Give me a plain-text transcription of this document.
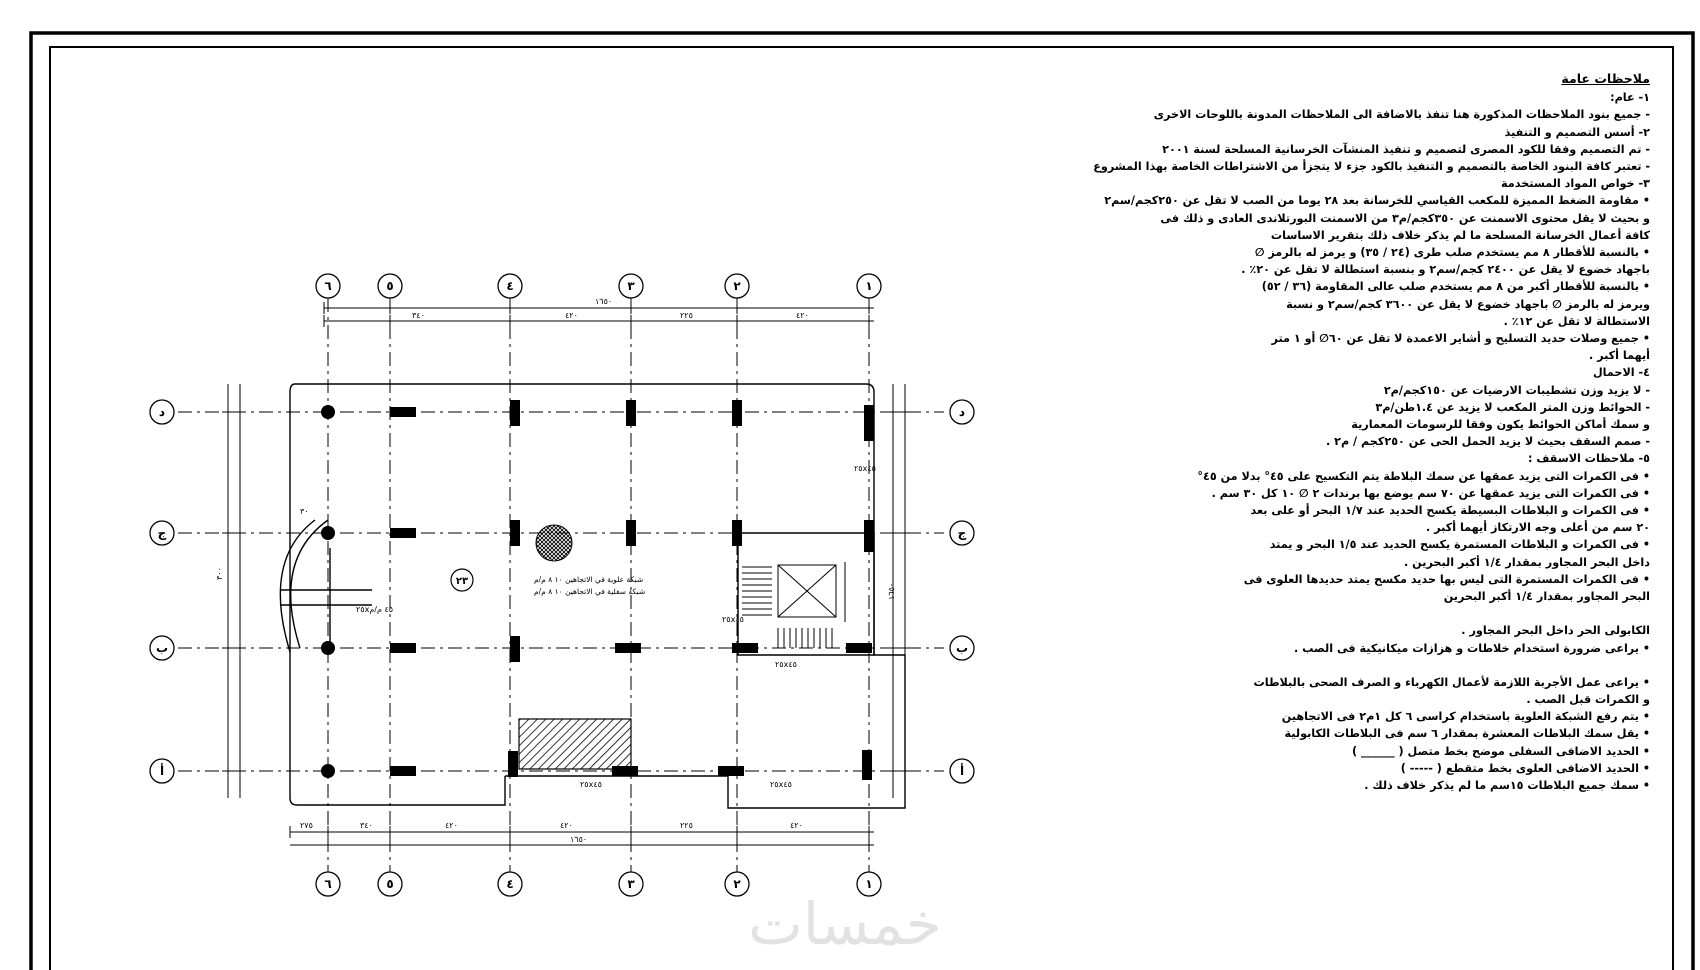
١٦٥٠
٣٤٠	٤٢٠	٢٢٥	٤٢٠
١٦٥٠
٢٧٥	٣٤٠	٤٢٠	٤٢٠	٢٢٥	٤٢٠
٢٥x٤٥
٢٥x٤٥	٢٥x٤٥
٢٥x٤٥
٢٥x٤٥
٢٥x٤٥ م/م
٦	٥	٤	٣	٢	١
٦	٥	٤	٣	٢	١
د
ج
ب
أ
د
ج
ب
أ
٢٣	شبكة علوية في الاتجاهين ١٠ ٨ م/م
شبكة سفلية في الاتجاهين ١٠ ٨ م/م
٣٠
٣٠٠
١٦٥٠
ملاحظات عامة
١- عام:
- جميع بنود الملاحظات المذكورة هنا تنفذ بالاضافة الى الملاحظات المدونة باللوحات الاخرى
٢- أسس التصميم و التنفيذ
- تم التصميم وفقا للكود المصرى لتصميم و تنفيذ المنشآت الخرسانية المسلحة لسنة ٢٠٠١
- تعتبر كافة البنود الخاصة بالتصميم و التنفيذ بالكود جزء لا يتجزأ من الاشتراطات الخاصة بهذا المشروع
٣- خواص المواد المستخدمة
• مقاومة الضغط المميزة للمكعب القياسي للخرسانة بعد ٢٨ يوما من الصب لا تقل عن ٢٥٠كجم/سم٢
و بحيث لا يقل محتوى الاسمنت عن ٣٥٠كجم/م٣ من الاسمنت البورتلاندى العادى و ذلك فى
كافة أعمال الخرسانة المسلحة ما لم يذكر خلاف ذلك بتقرير الاساسات
• بالنسبة للأقطار ٨ مم يستخدم صلب طرى (٢٤ / ٣٥) و يرمز له بالرمز ∅
باجهاد خضوع لا يقل عن ٢٤٠٠ كجم/سم٢ و بنسبة استطالة لا تقل عن ٢٠٪ .
• بالنسبة للأقطار أكبر من ٨ مم يستخدم صلب عالى المقاومة (٣٦ / ٥٢)
ويرمز له بالرمز ∅ باجهاد خضوع لا يقل عن ٣٦٠٠ كجم/سم٢ و نسبة
الاستطالة لا تقل عن ١٢٪ .
• جميع وصلات حديد التسليح و أشاير الاعمدة لا تقل عن ٦٠∅ أو ١ متر
أيهما أكبر .
٤- الاحمال
- لا يزيد وزن تشطيبات الارضيات عن ١٥٠كجم/م٢
- الحوائط وزن المتر المكعب لا يزيد عن ١.٤طن/م٣
و سمك أماكن الحوائط يكون وفقا للرسومات المعمارية
- صمم السقف بحيث لا يزيد الحمل الحى عن ٢٥٠كجم / م٢ .
٥- ملاحظات الاسقف :
• فى الكمرات التى يزيد عمقها عن سمك البلاطة يتم التكسيح على ٤٥° بدلا من ٤٥°
• فى الكمرات التى يزيد عمقها عن ٧٠ سم يوضع بها برندات ٢ ∅ ١٠ كل ٣٠ سم .
• فى الكمرات و البلاطات البسيطة يكسح الحديد عند ١/٧ البحر أو على بعد
٢٠ سم من أعلى وجه الارتكاز أيهما أكبر .
• فى الكمرات و البلاطات المستمرة يكسح الحديد عند ١/٥ البحر و يمتد
داخل البحر المجاور بمقدار ١/٤ أكبر البحرين .
• فى الكمرات المستمرة التى ليس بها حديد مكسح يمتد حديدها العلوى فى
البحر المجاور بمقدار ١/٤ أكبر البحرين
الكابولى الحر داخل البحر المجاور .
• يراعى ضرورة استخدام خلاطات و هزازات ميكانيكية فى الصب .
• يراعى عمل الأجربة اللازمة لأعمال الكهرباء و الصرف الصحى بالبلاطات
و الكمرات قبل الصب .
• يتم رفع الشبكة العلوية باستخدام كراسى ٦ كل ١م٢ فى الاتجاهين
• يقل سمك البلاطات المعشرة بمقدار ٦ سم فى البلاطات الكابولية
• الحديد الاضافى السفلى موضح بخط متصل ( ______ )
• الحديد الاضافى العلوى بخط متقطع ( ----- )
• سمك جميع البلاطات ١٥سم ما لم يذكر خلاف ذلك .
خمسات
